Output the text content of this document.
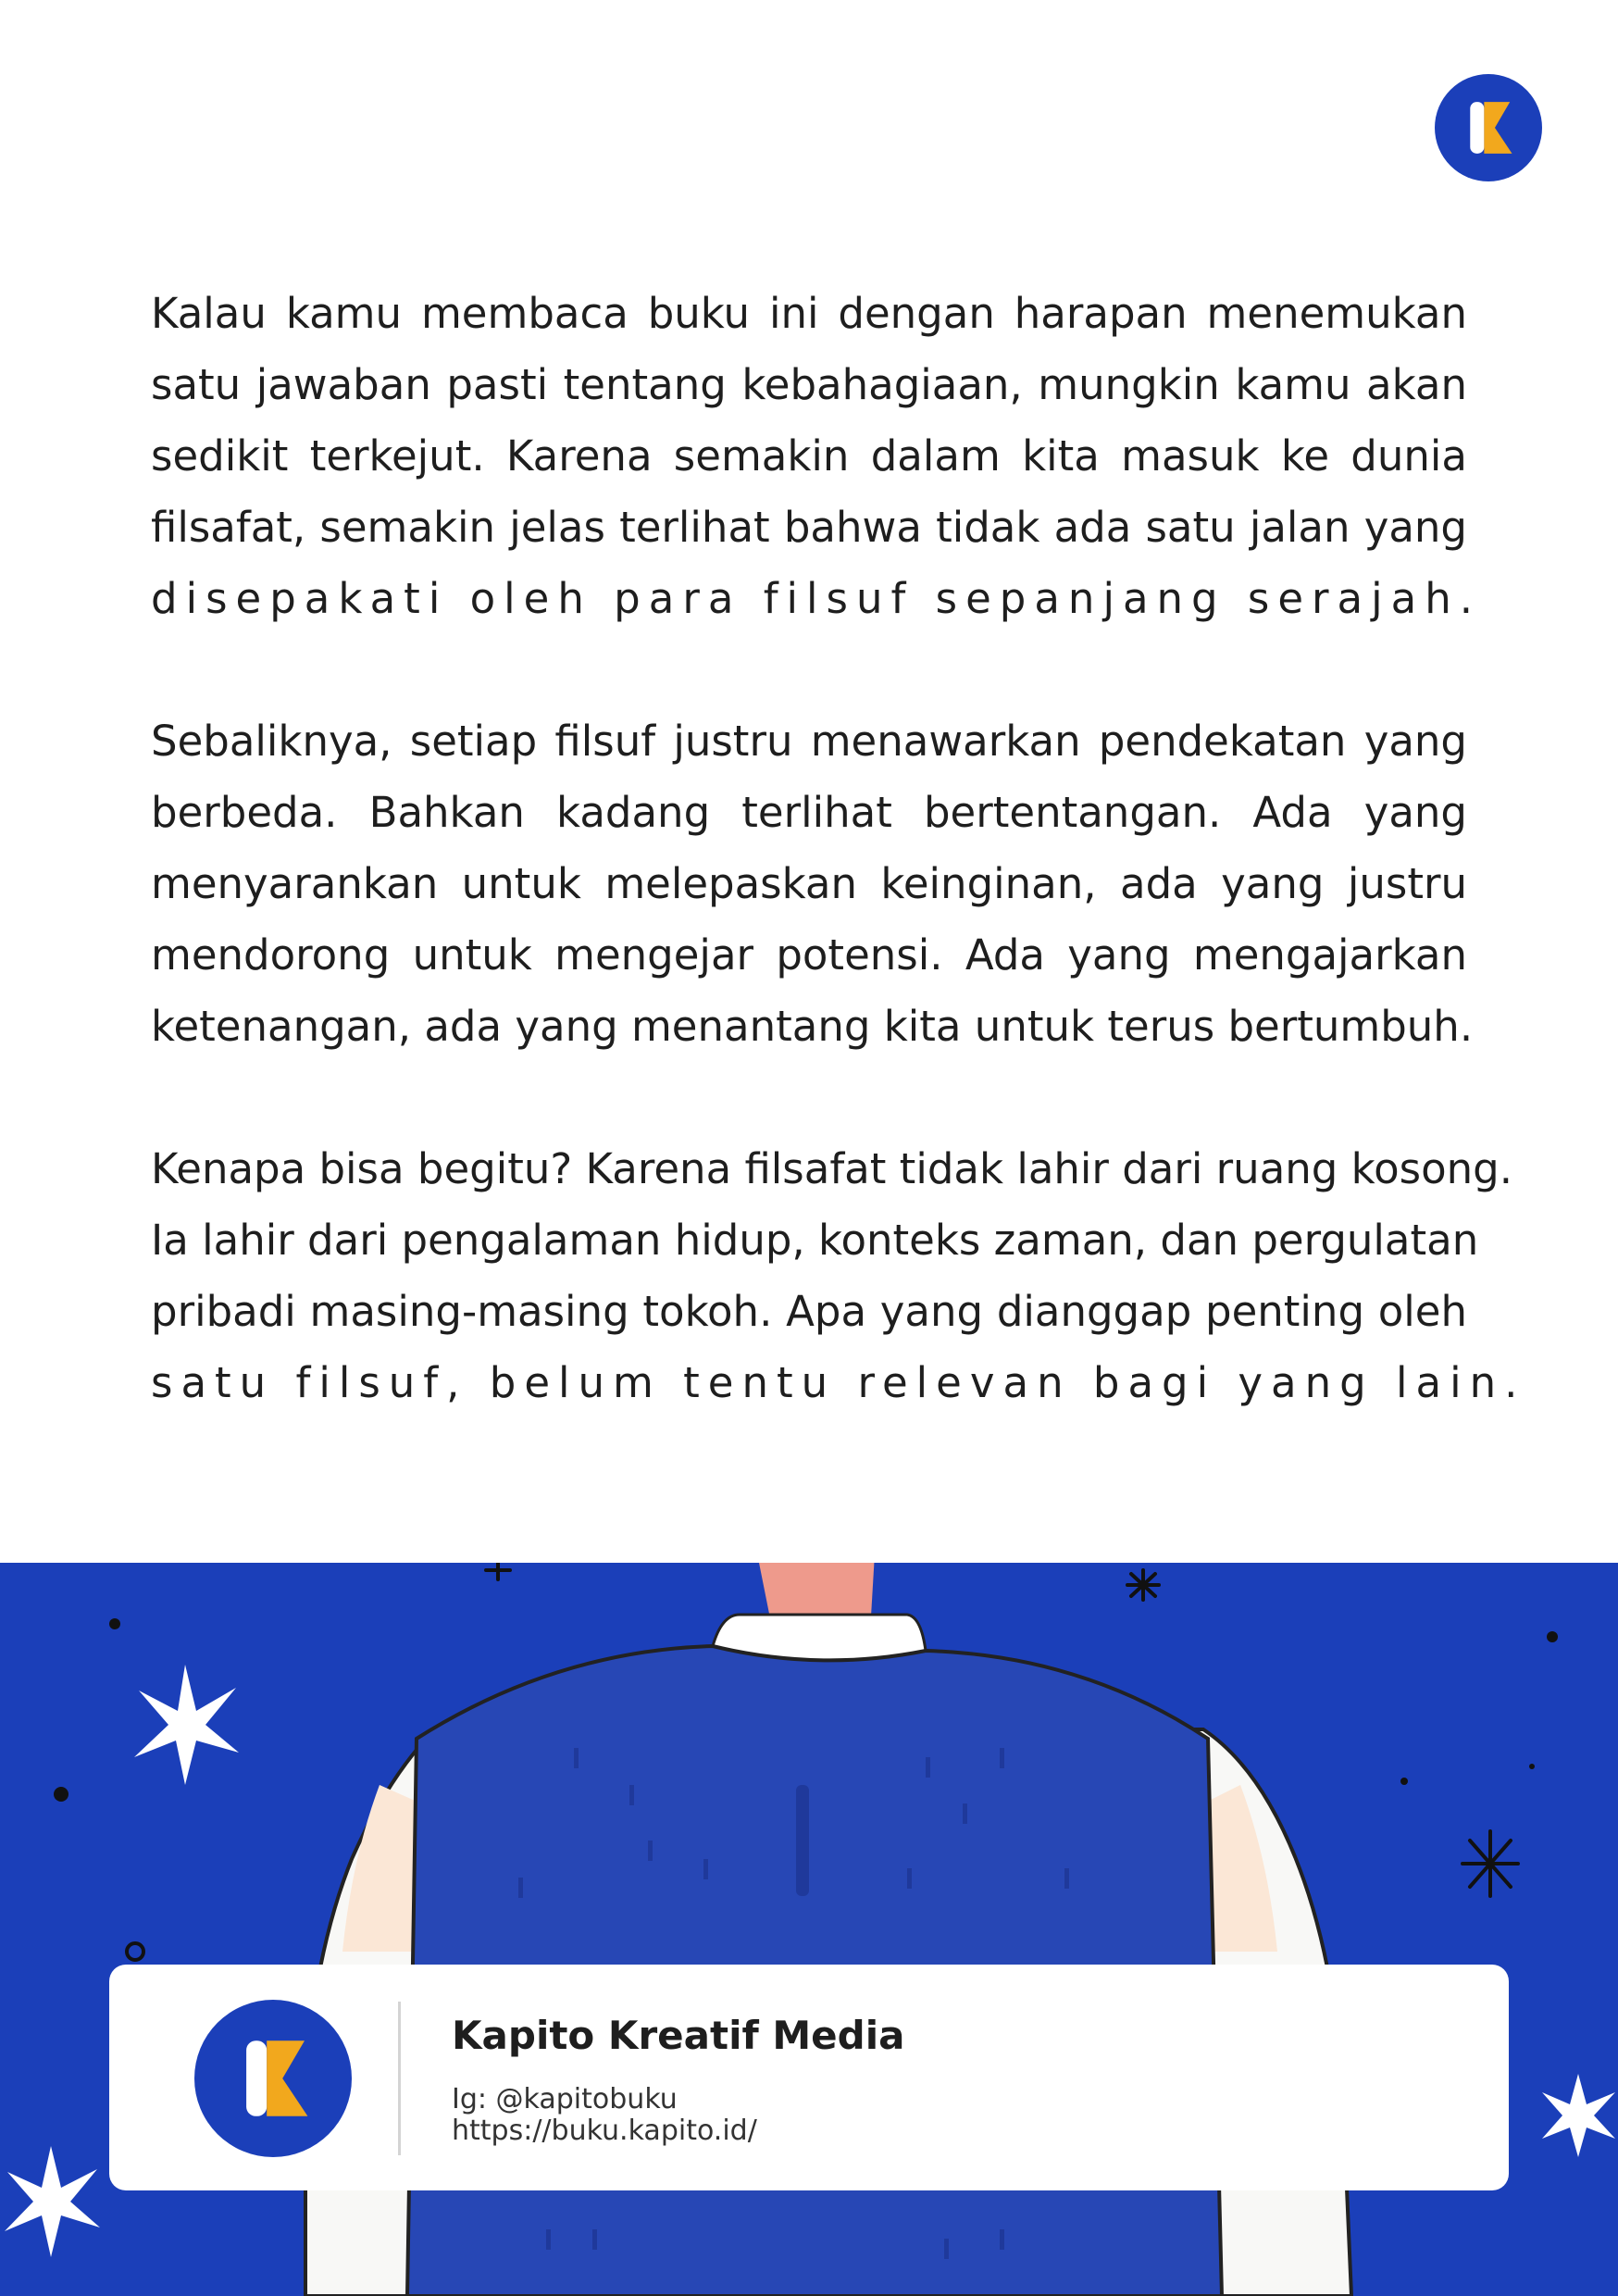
Kalau kamu membaca buku ini dengan harapan menemukan
satu jawaban pasti tentang kebahagiaan, mungkin kamu akan
sedikit terkejut. Karena semakin dalam kita masuk ke dunia
filsafat, semakin jelas terlihat bahwa tidak ada satu jalan yang
disepakati oleh para filsuf sepanjang serajah.
Sebaliknya, setiap filsuf justru menawarkan pendekatan yang
berbeda. Bahkan kadang terlihat bertentangan. Ada yang
menyarankan untuk melepaskan keinginan, ada yang justru
mendorong untuk mengejar potensi. Ada yang mengajarkan
ketenangan, ada yang menantang kita untuk terus bertumbuh.
Kenapa bisa begitu? Karena filsafat tidak lahir dari ruang kosong.
Ia lahir dari pengalaman hidup, konteks zaman, dan pergulatan
pribadi masing-masing tokoh. Apa yang dianggap penting oleh
satu filsuf, belum tentu relevan bagi yang lain.
Kapito Kreatif Media
Ig: @kapitobuku
https://buku.kapito.id/
